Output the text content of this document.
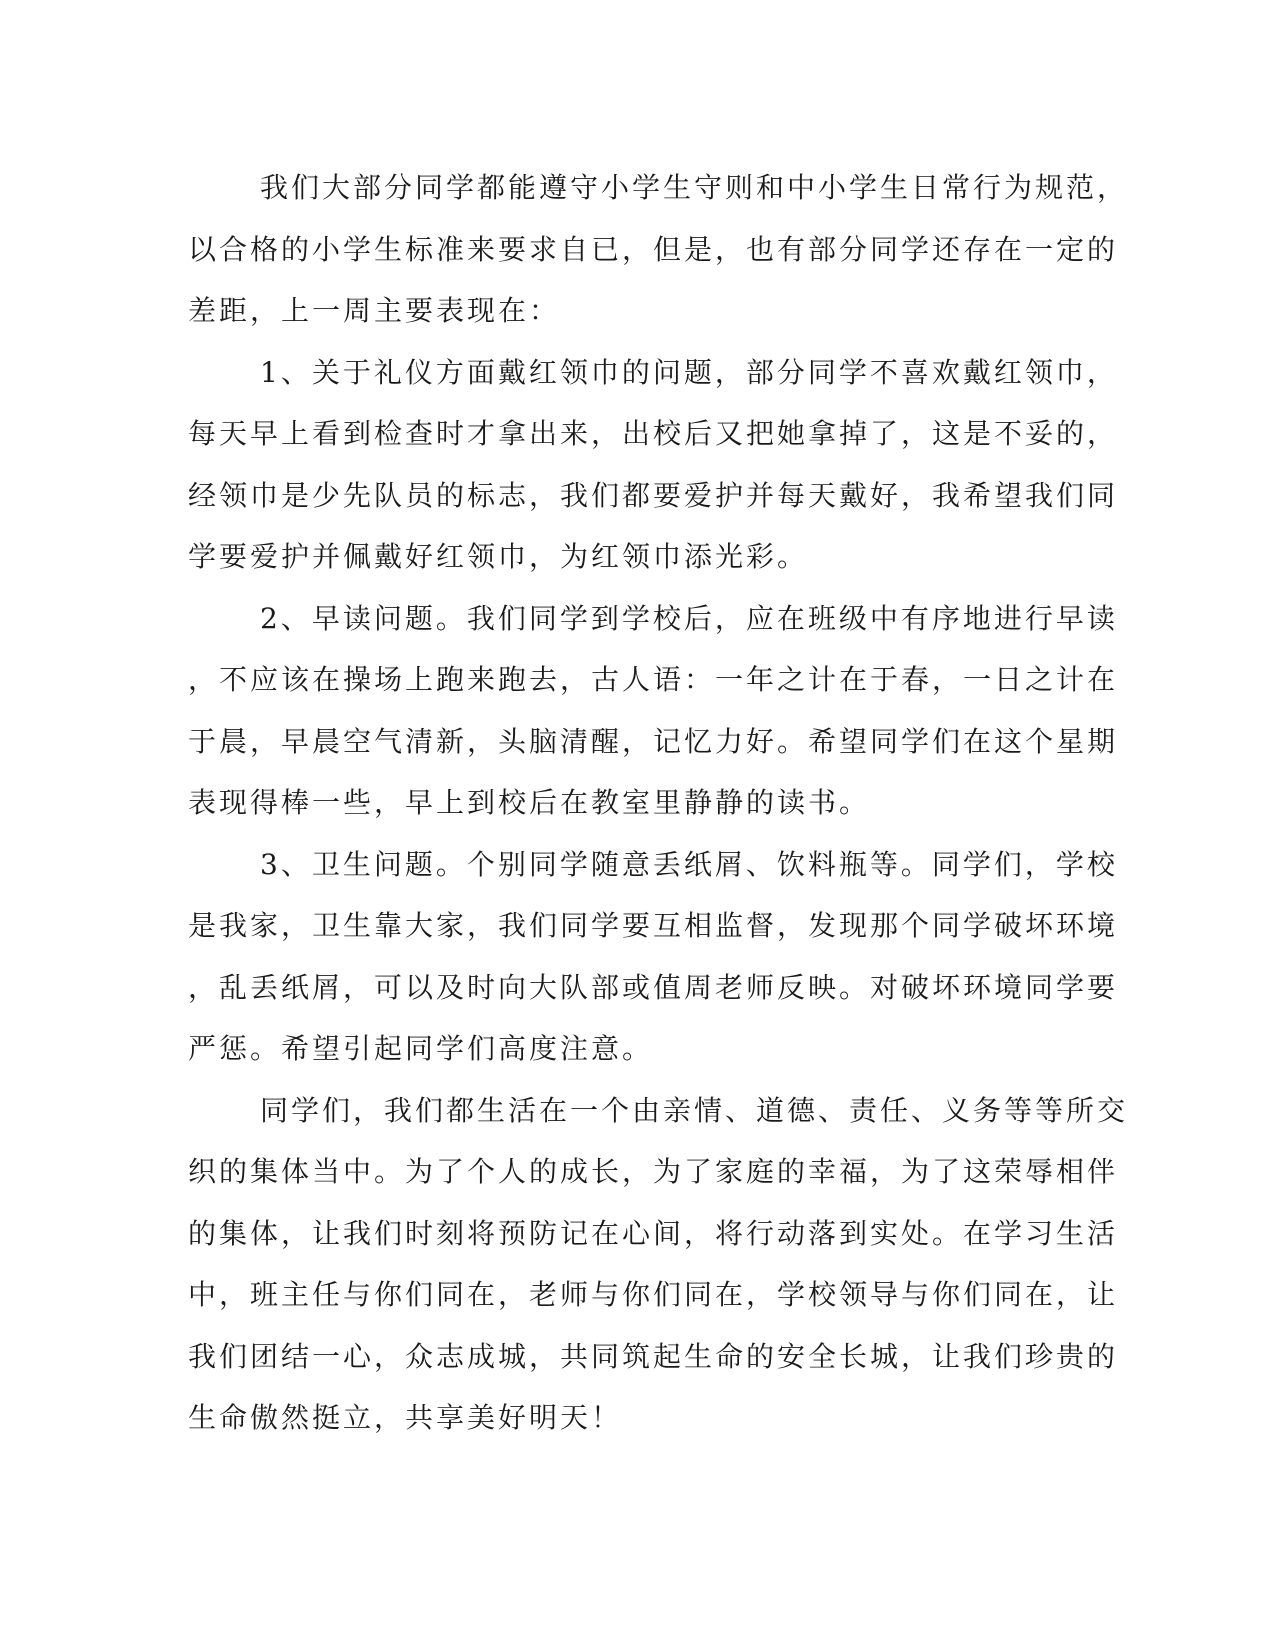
我们大部分同学都能遵守小学生守则和中小学生日常行为规范，
以合格的小学生标准来要求自已，但是，也有部分同学还存在一定的
差距，上一周主要表现在：
1、关于礼仪方面戴红领巾的问题，部分同学不喜欢戴红领巾，
每天早上看到检查时才拿出来，出校后又把她拿掉了，这是不妥的，
经领巾是少先队员的标志，我们都要爱护并每天戴好，我希望我们同
学要爱护并佩戴好红领巾，为红领巾添光彩。
2、早读问题。我们同学到学校后，应在班级中有序地进行早读
，不应该在操场上跑来跑去，古人语：一年之计在于春，一日之计在
于晨，早晨空气清新，头脑清醒，记忆力好。希望同学们在这个星期
表现得棒一些，早上到校后在教室里静静的读书。
3、卫生问题。个别同学随意丢纸屑、饮料瓶等。同学们，学校
是我家，卫生靠大家，我们同学要互相监督，发现那个同学破坏环境
，乱丢纸屑，可以及时向大队部或值周老师反映。对破坏环境同学要
严惩。希望引起同学们高度注意。
同学们，我们都生活在一个由亲情、道德、责任、义务等等所交
织的集体当中。为了个人的成长，为了家庭的幸福，为了这荣辱相伴
的集体，让我们时刻将预防记在心间，将行动落到实处。在学习生活
中，班主任与你们同在，老师与你们同在，学校领导与你们同在，让
我们团结一心，众志成城，共同筑起生命的安全长城，让我们珍贵的
生命傲然挺立，共享美好明天！
